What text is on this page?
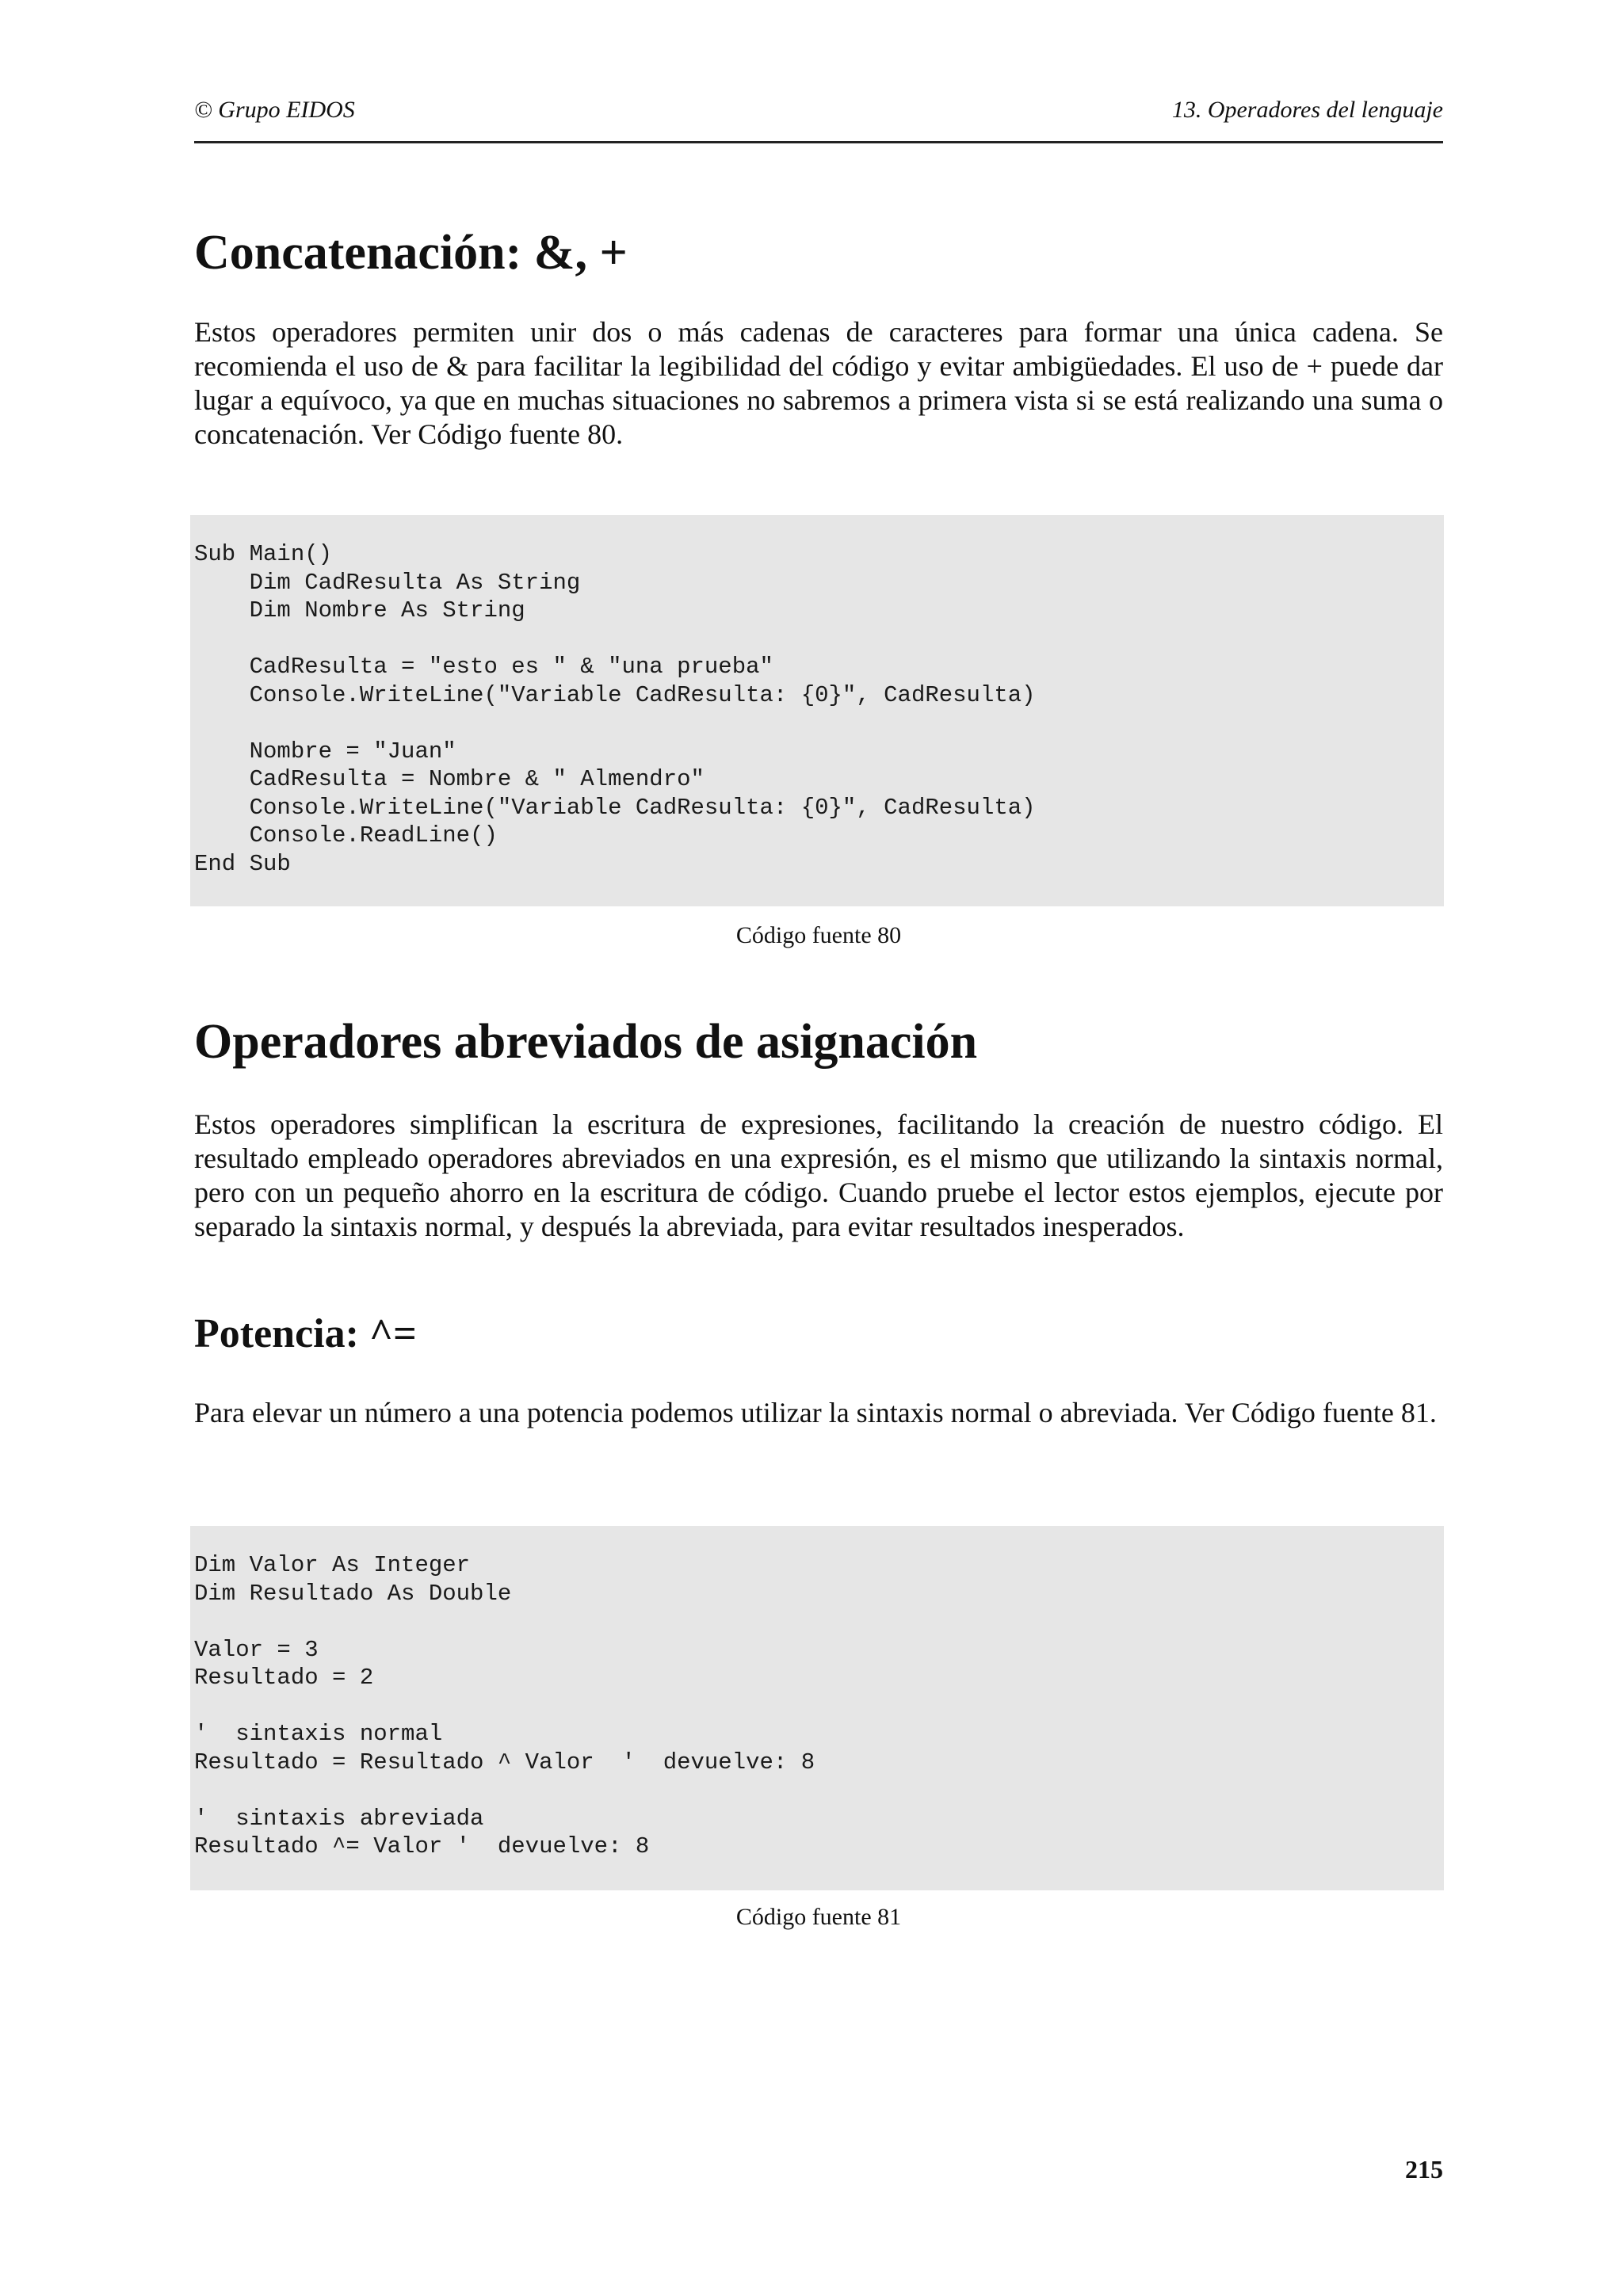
© Grupo EIDOS	13. Operadores del lenguaje
Concatenación: &, +

Estos operadores permiten unir dos o más cadenas de caracteres para formar una única cadena. Se recomienda el uso de & para facilitar la legibilidad del código y evitar ambigüedades. El uso de + puede dar lugar a equívoco, ya que en muchas situaciones no sabremos a primera vista si se está realizando una suma o concatenación. Ver Código fuente 80.

Sub Main()
Dim CadResulta As String
Dim Nombre As String

CadResulta = "esto es " & "una prueba"
Console.WriteLine("Variable CadResulta: {0}", CadResulta)

Nombre = "Juan"
CadResulta = Nombre & " Almendro"
Console.WriteLine("Variable CadResulta: {0}", CadResulta)
Console.ReadLine()
End Sub
Código fuente 80
Operadores abreviados de asignación

Estos operadores simplifican la escritura de expresiones, facilitando la creación de nuestro código. El resultado empleado operadores abreviados en una expresión, es el mismo que utilizando la sintaxis normal, pero con un pequeño ahorro en la escritura de código. Cuando pruebe el lector estos ejemplos, ejecute por separado la sintaxis normal, y después la abreviada, para evitar resultados inesperados.

Potencia: ^=

Para elevar un número a una potencia podemos utilizar la sintaxis normal o abreviada. Ver Código fuente 81.

Dim Valor As Integer
Dim Resultado As Double

Valor = 3
Resultado = 2

'  sintaxis normal
Resultado = Resultado ^ Valor  '  devuelve: 8

'  sintaxis abreviada
Resultado ^= Valor '  devuelve: 8
Código fuente 81
215
